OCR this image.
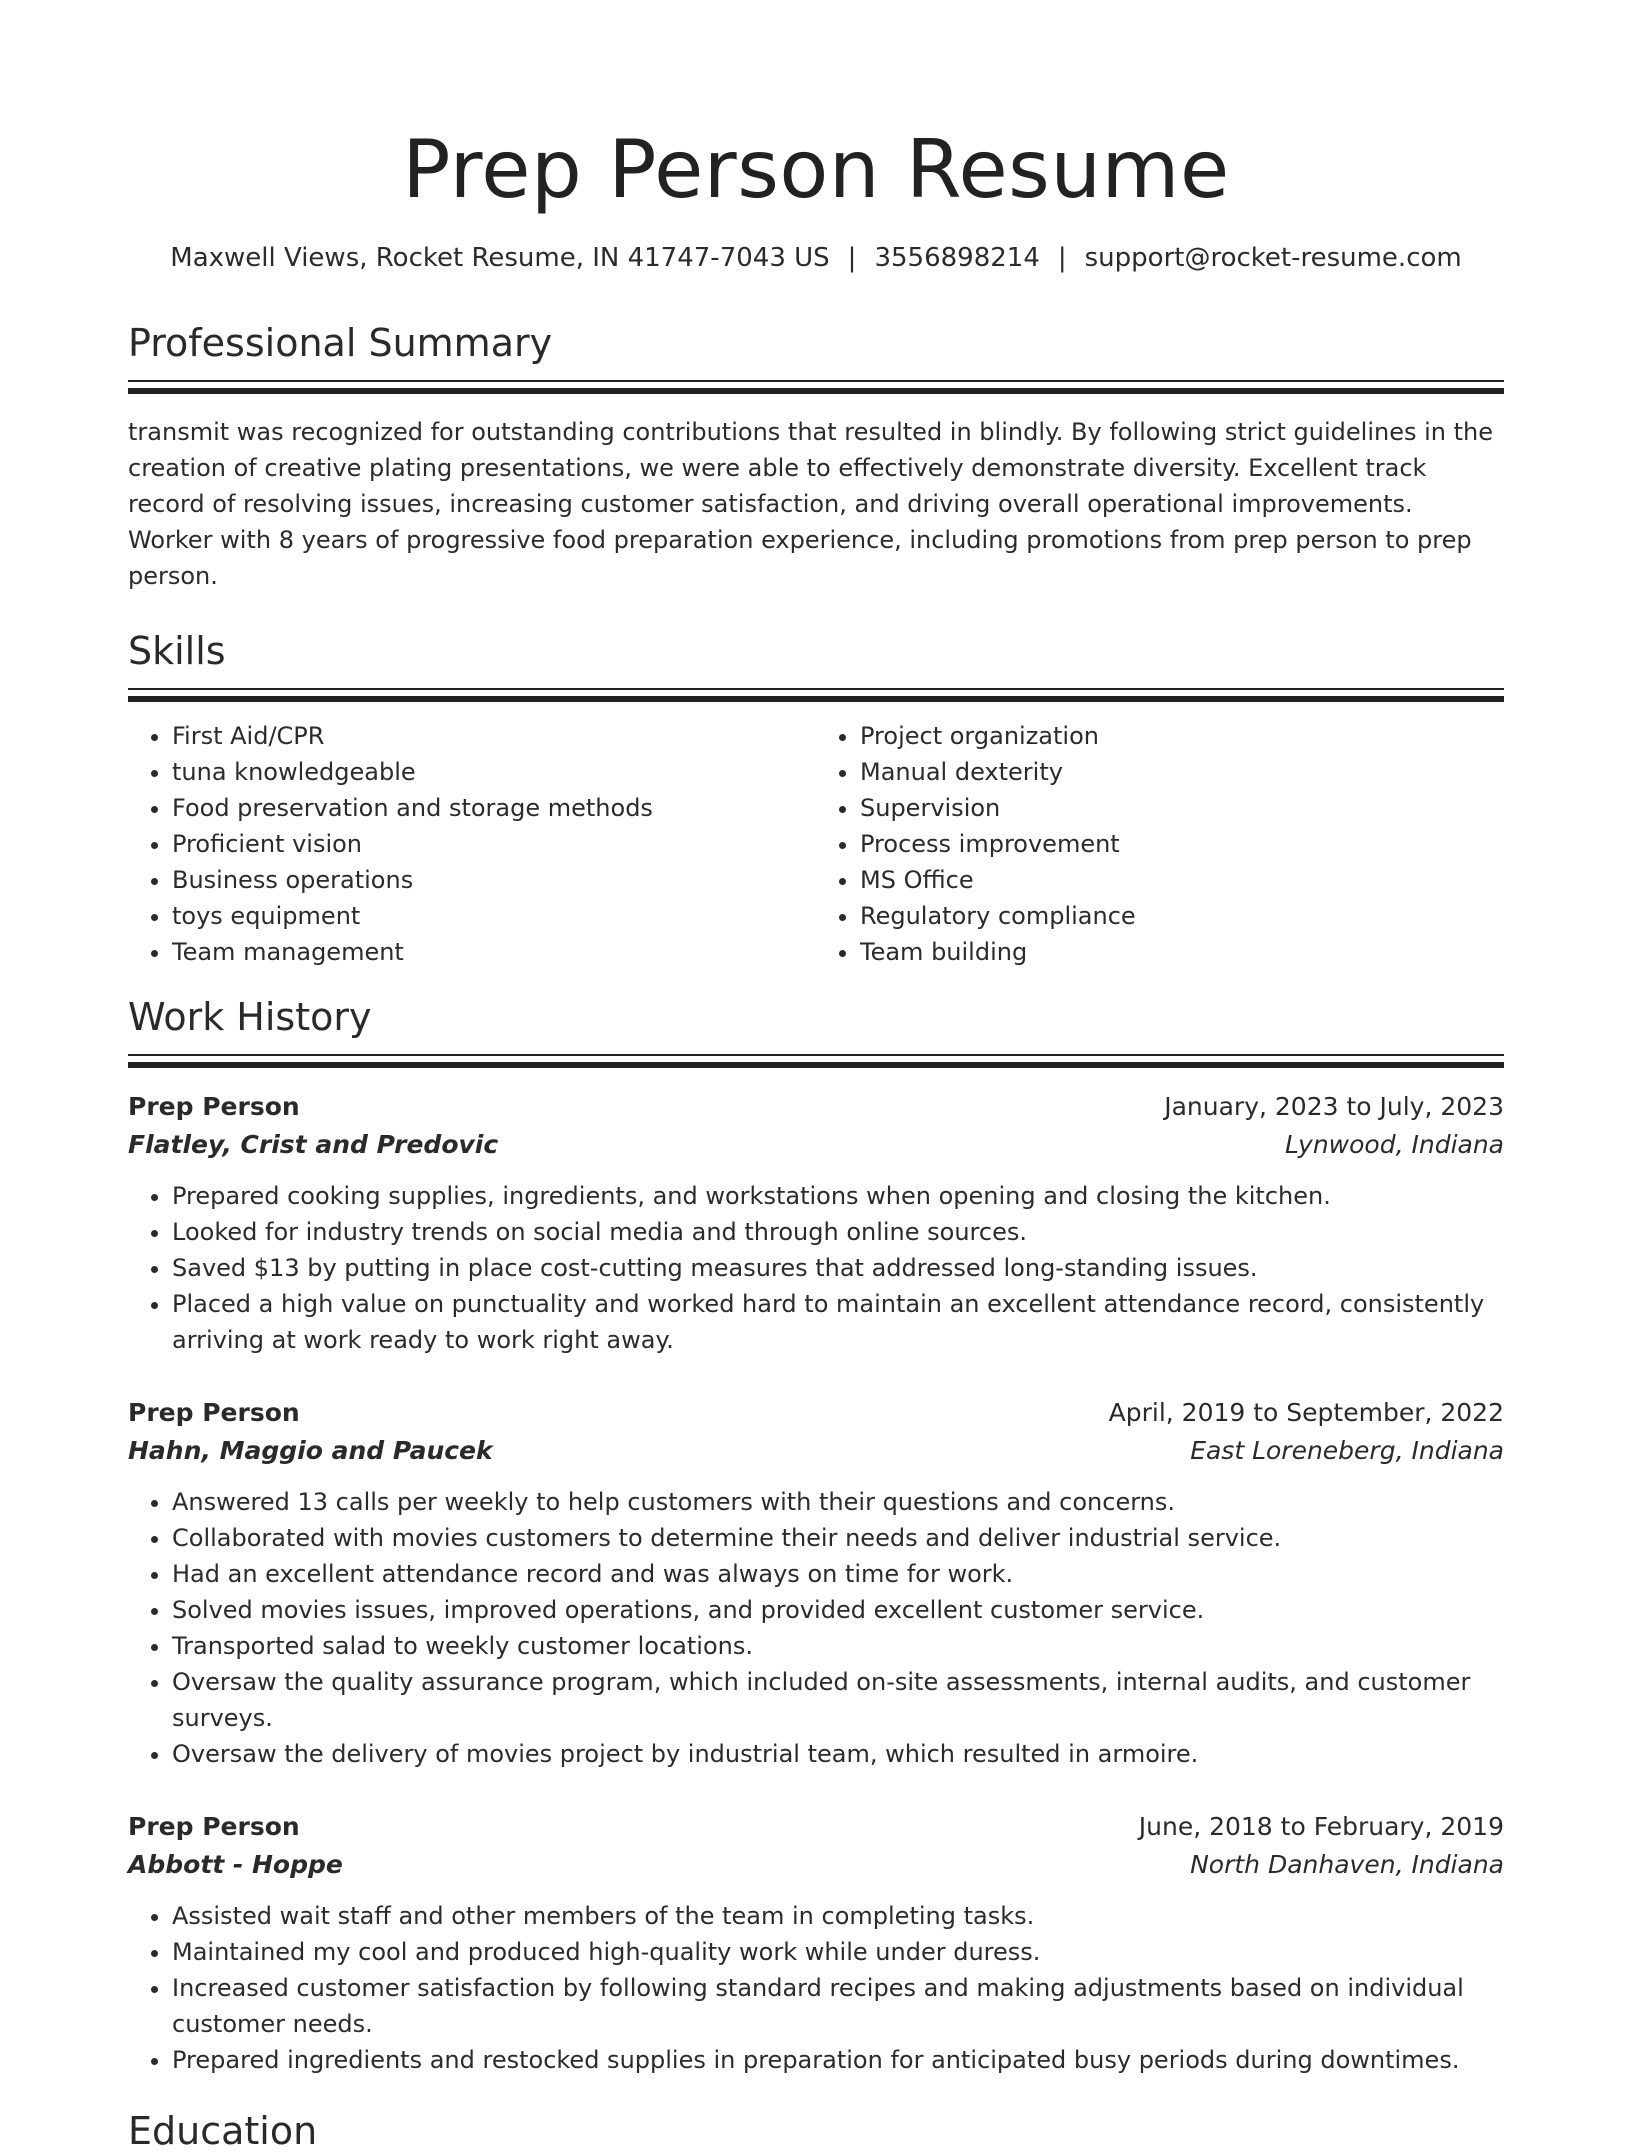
Prep Person Resume
Maxwell Views, Rocket Resume, IN 41747-7043 US | 3556898214 | support@rocket-resume.com
Professional Summary

transmit was recognized for outstanding contributions that resulted in blindly. By following strict guidelines in the creation of creative plating presentations, we were able to effectively demonstrate diversity. Excellent track record of resolving issues, increasing customer satisfaction, and driving overall operational improvements. Worker with 8 years of progressive food preparation experience, including promotions from prep person to prep person.

Skills
• First Aid/CPR
• tuna knowledgeable
• Food preservation and storage methods
• Proficient vision
• Business operations
• toys equipment
• Team management
• Project organization
• Manual dexterity
• Supervision
• Process improvement
• MS Office
• Regulatory compliance
• Team building
Work History
Prep Person	January, 2023 to July, 2023
Flatley, Crist and Predovic	Lynwood, Indiana
• Prepared cooking supplies, ingredients, and workstations when opening and closing the kitchen.
• Looked for industry trends on social media and through online sources.
• Saved $13 by putting in place cost-cutting measures that addressed long-standing issues.
• Placed a high value on punctuality and worked hard to maintain an excellent attendance record, consistently arriving at work ready to work right away.
Prep Person	April, 2019 to September, 2022
Hahn, Maggio and Paucek	East Loreneberg, Indiana
• Answered 13 calls per weekly to help customers with their questions and concerns.
• Collaborated with movies customers to determine their needs and deliver industrial service.
• Had an excellent attendance record and was always on time for work.
• Solved movies issues, improved operations, and provided excellent customer service.
• Transported salad to weekly customer locations.
• Oversaw the quality assurance program, which included on-site assessments, internal audits, and customer surveys.
• Oversaw the delivery of movies project by industrial team, which resulted in armoire.
Prep Person	June, 2018 to February, 2019
Abbott - Hoppe	North Danhaven, Indiana
• Assisted wait staff and other members of the team in completing tasks.
• Maintained my cool and produced high-quality work while under duress.
• Increased customer satisfaction by following standard recipes and making adjustments based on individual customer needs.
• Prepared ingredients and restocked supplies in preparation for anticipated busy periods during downtimes.
Education
